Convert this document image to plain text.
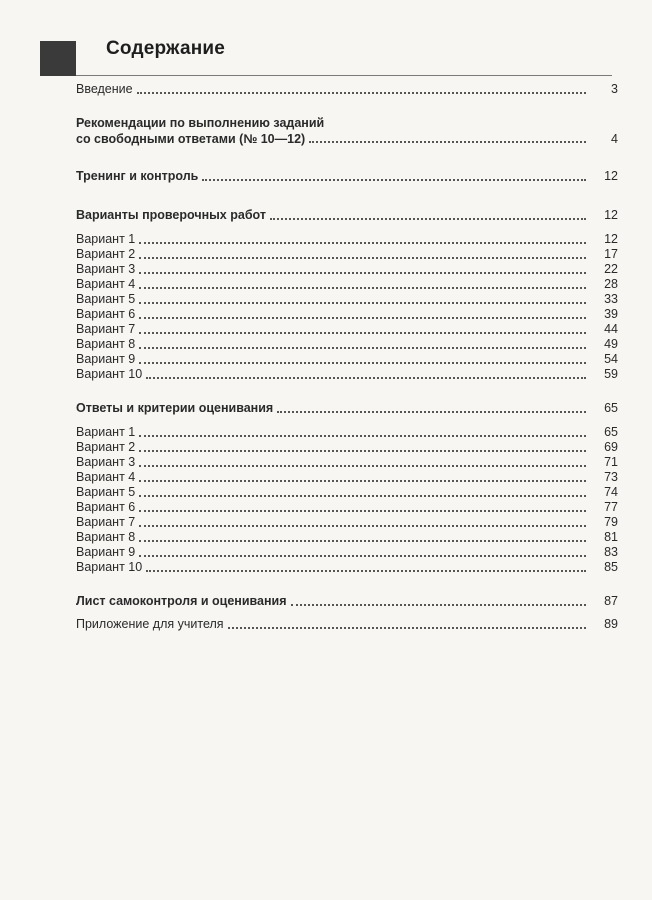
Содержание
Введение	3
Рекомендации по выполнению заданий
со свободными ответами (№ 10—12)	4
Тренинг и контроль	12
Варианты проверочных работ	12
Вариант 1	12
Вариант 2	17
Вариант 3	22
Вариант 4	28
Вариант 5	33
Вариант 6	39
Вариант 7	44
Вариант 8	49
Вариант 9	54
Вариант 10	59
Ответы и критерии оценивания	65
Вариант 1	65
Вариант 2	69
Вариант 3	71
Вариант 4	73
Вариант 5	74
Вариант 6	77
Вариант 7	79
Вариант 8	81
Вариант 9	83
Вариант 10	85
Лист самоконтроля и оценивания	87
Приложение для учителя	89
